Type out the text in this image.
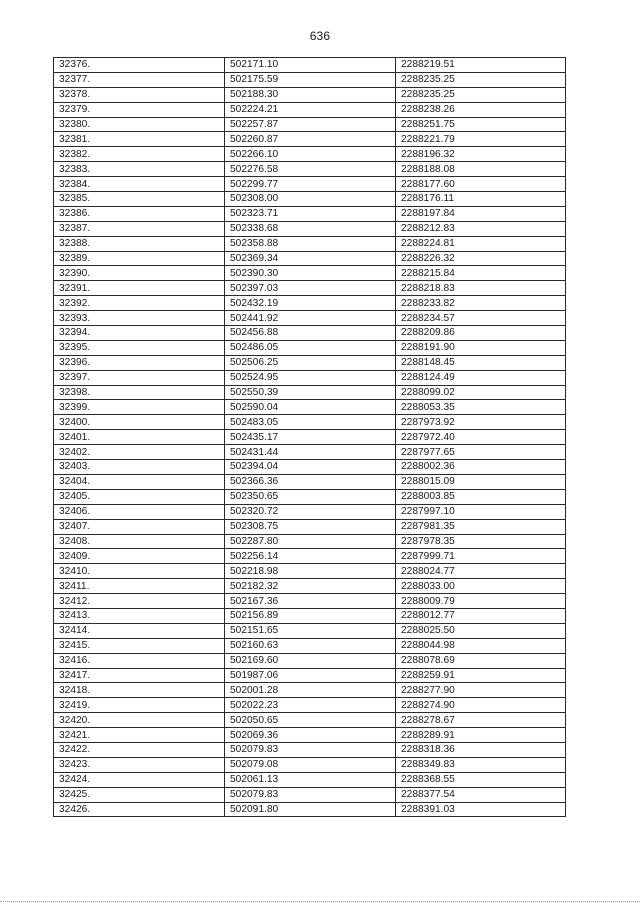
636
32376.	502171.10	2288219.51
32377.	502175.59	2288235.25
32378.	502188.30	2288235.25
32379.	502224.21	2288238.26
32380.	502257.87	2288251.75
32381.	502260.87	2288221.79
32382.	502266.10	2288196.32
32383.	502276.58	2288188.08
32384.	502299.77	2288177.60
32385.	502308.00	2288176.11
32386.	502323.71	2288197.84
32387.	502338.68	2288212.83
32388.	502358.88	2288224.81
32389.	502369.34	2288226.32
32390.	502390.30	2288215.84
32391.	502397.03	2288218.83
32392.	502432.19	2288233.82
32393.	502441.92	2288234.57
32394.	502456.88	2288209.86
32395.	502486.05	2288191.90
32396.	502506.25	2288148.45
32397.	502524.95	2288124.49
32398.	502550.39	2288099.02
32399.	502590.04	2288053.35
32400.	502483.05	2287973.92
32401.	502435.17	2287972.40
32402.	502431.44	2287977.65
32403.	502394.04	2288002.36
32404.	502366.36	2288015.09
32405.	502350.65	2288003.85
32406.	502320.72	2287997.10
32407.	502308.75	2287981.35
32408.	502287.80	2287978.35
32409.	502256.14	2287999.71
32410.	502218.98	2288024.77
32411.	502182.32	2288033.00
32412.	502167.36	2288009.79
32413.	502156.89	2288012.77
32414.	502151.65	2288025.50
32415.	502160.63	2288044.98
32416.	502169.60	2288078.69
32417.	501987.06	2288259.91
32418.	502001.28	2288277.90
32419.	502022.23	2288274.90
32420.	502050.65	2288278.67
32421.	502069.36	2288289.91
32422.	502079.83	2288318.36
32423.	502079.08	2288349.83
32424.	502061.13	2288368.55
32425.	502079.83	2288377.54
32426.	502091.80	2288391.03
